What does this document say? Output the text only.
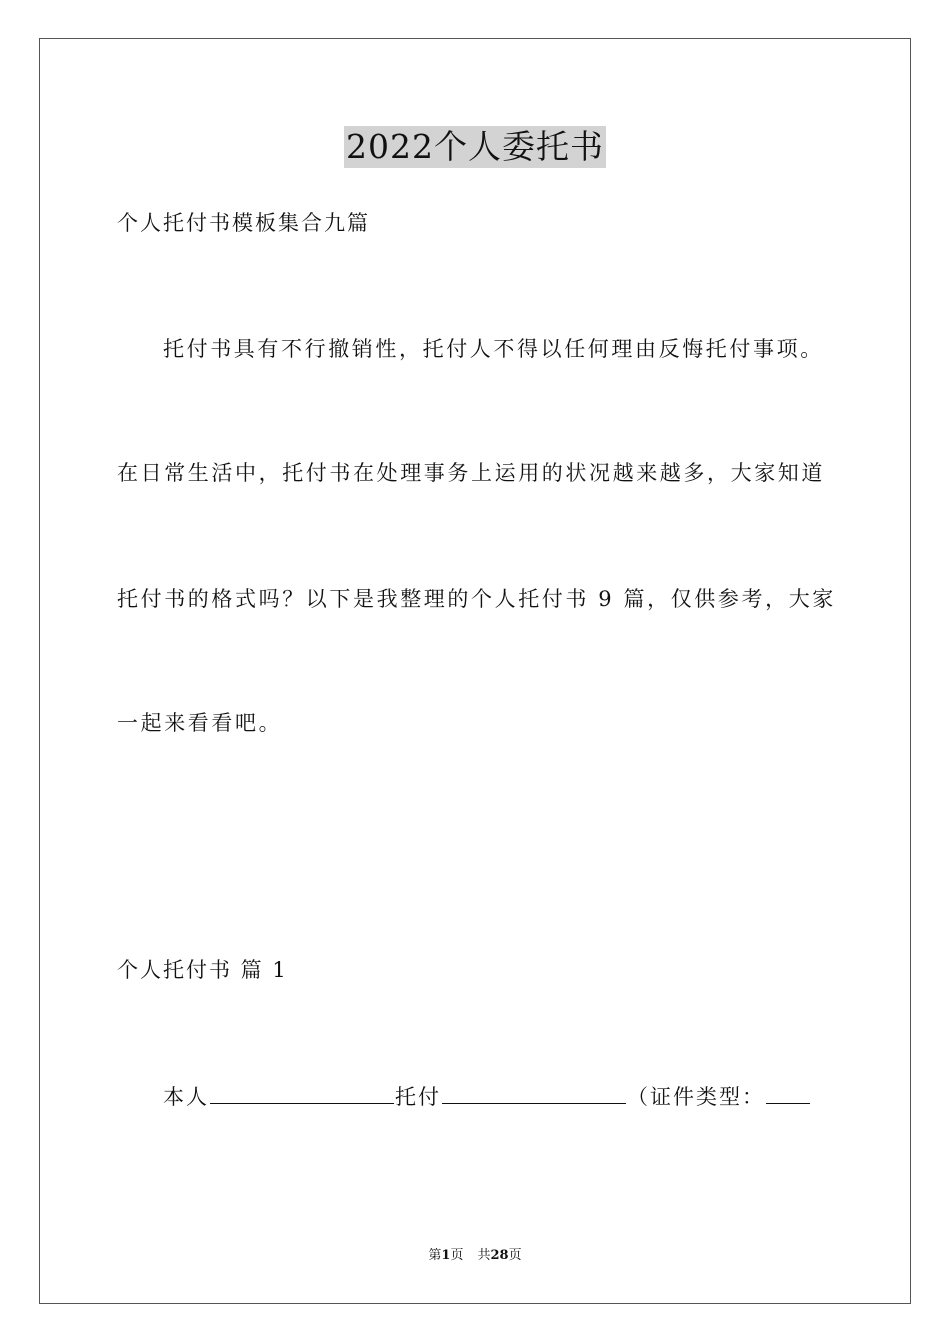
2022个人委托书
个人托付书模板集合九篇
托付书具有不行撤销性，托付人不得以任何理由反悔托付事项。
在日常生活中，托付书在处理事务上运用的状况越来越多，大家知道
托付书的格式吗？以下是我整理的个人托付书 9 篇，仅供参考，大家
一起来看看吧。
个人托付书 篇 1
本人	托付	（证件类型：
第1页 共28页
